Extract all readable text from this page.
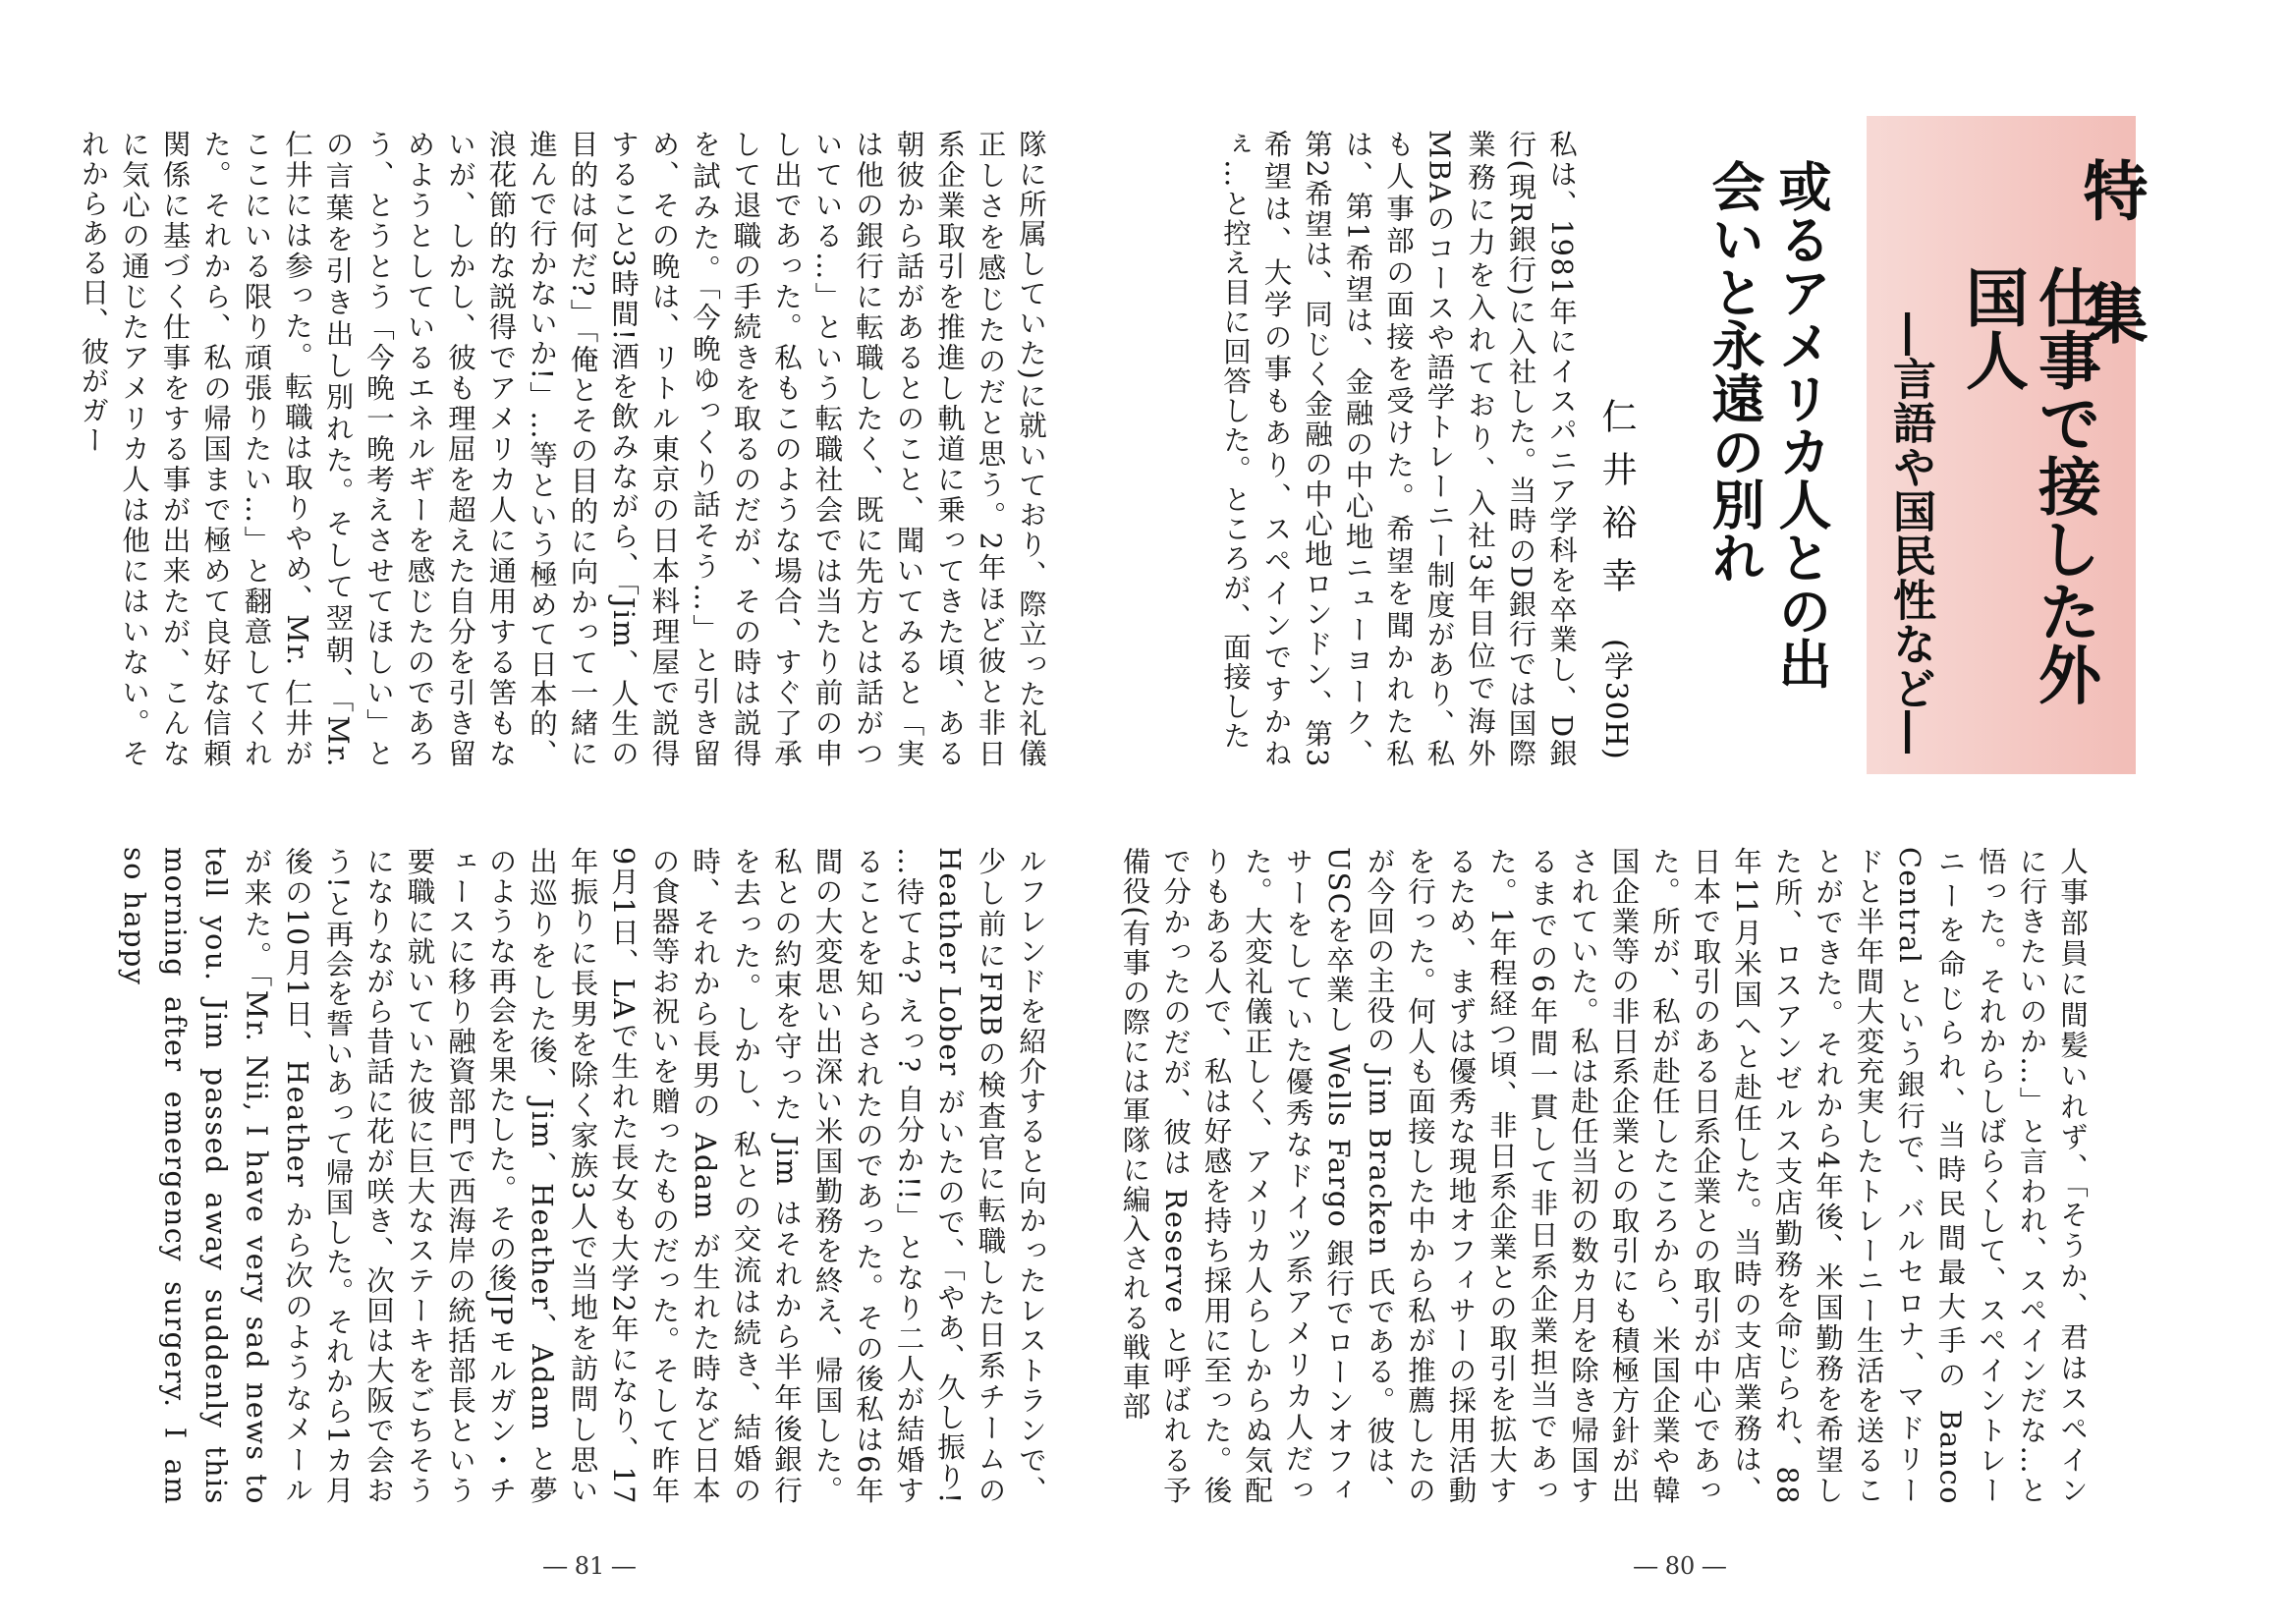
特 集
仕事で接した外国人
―言語や国民性など―
或るアメリカ人との出会いと永遠の別れ
仁井裕幸
(学30H)

私は、1981年にイスパニア学科を卒業し、D銀行(現R銀行)に入社した。当時のD銀行では国際業務に力を入れており、入社3年目位で海外MBAのコースや語学トレーニー制度があり、私も人事部の面接を受けた。希望を聞かれた私は、第1希望は、金融の中心地ニューヨーク、第2希望は、同じく金融の中心地ロンドン、第3希望は、大学の事もあり、スペインですかねぇ…と控え目に回答した。ところが、面接した

人事部員に間髪いれず、「そうか、君はスペインに行きたいのか…」と言われ、スペインだな…と悟った。それからしばらくして、スペイントレーニーを命じられ、当時民間最大手の Banco Central という銀行で、バルセロナ、マドリードと半年間大変充実したトレーニー生活を送ることができた。それから4年後、米国勤務を希望した所、ロスアンゼルス支店勤務を命じられ、88年11月米国へと赴任した。当時の支店業務は、日本で取引のある日系企業との取引が中心であった。所が、私が赴任したころから、米国企業や韓国企業等の非日系企業との取引にも積極方針が出されていた。私は赴任当初の数カ月を除き帰国するまでの6年間一貫して非日系企業担当であった。1年程経つ頃、非日系企業との取引を拡大するため、まずは優秀な現地オフィサーの採用活動を行った。何人も面接した中から私が推薦したのが今回の主役の Jim Bracken 氏である。彼は、USCを卒業し Wells Fargo 銀行でローンオフィサーをしていた優秀なドイツ系アメリカ人だった。大変礼儀正しく、アメリカ人らしからぬ気配りもある人で、私は好感を持ち採用に至った。後で分かったのだが、彼は Reserve と呼ばれる予備役(有事の際には軍隊に編入される戦車部

― 80 ―

隊に所属していた)に就いており、際立った礼儀正しさを感じたのだと思う。2年ほど彼と非日系企業取引を推進し軌道に乗ってきた頃、ある朝彼から話があるとのこと、聞いてみると「実は他の銀行に転職したく、既に先方とは話がついている…」という転職社会では当たり前の申し出であった。私もこのような場合、すぐ了承して退職の手続きを取るのだが、その時は説得を試みた。「今晩ゆっくり話そう…」と引き留め、その晩は、リトル東京の日本料理屋で説得すること3時間!酒を飲みながら、「Jim、人生の目的は何だ?」「俺とその目的に向かって一緒に進んで行かないか!」…等という極めて日本的、浪花節的な説得でアメリカ人に通用する筈もないが、しかし、彼も理屈を超えた自分を引き留めようとしているエネルギーを感じたのであろう、とうとう「今晩一晩考えさせてほしい」との言葉を引き出し別れた。そして翌朝、「Mr. 仁井には参った。転職は取りやめ、Mr. 仁井がここにいる限り頑張りたい…」と翻意してくれた。それから、私の帰国まで極めて良好な信頼関係に基づく仕事をする事が出来たが、こんなに気心の通じたアメリカ人は他にはいない。それからある日、彼がガー

ルフレンドを紹介すると向かったレストランで、少し前にFRBの検査官に転職した日系チームの Heather Lober がいたので、「やあ、久し振り! …待てよ? えっ? 自分か!!」となり二人が結婚することを知らされたのであった。その後私は6年間の大変思い出深い米国勤務を終え、帰国した。私との約束を守った Jim はそれから半年後銀行を去った。しかし、私との交流は続き、結婚の時、それから長男の Adam が生れた時など日本の食器等お祝いを贈ったものだった。そして昨年9月1日、LAで生れた長女も大学2年になり、17年振りに長男を除く家族3人で当地を訪問し思い出巡りをした後、Jim、Heather、Adam と夢のような再会を果たした。その後JPモルガン・チェースに移り融資部門で西海岸の統括部長という要職に就いていた彼に巨大なステーキをごちそうになりながら昔話に花が咲き、次回は大阪で会おう!と再会を誓いあって帰国した。それから1カ月後の10月1日、Heather から次のようなメールが来た。「Mr. Nii, I have very sad news to tell you. Jim passed away suddenly this morning after emergency surgery. I am so happy

― 81 ―
